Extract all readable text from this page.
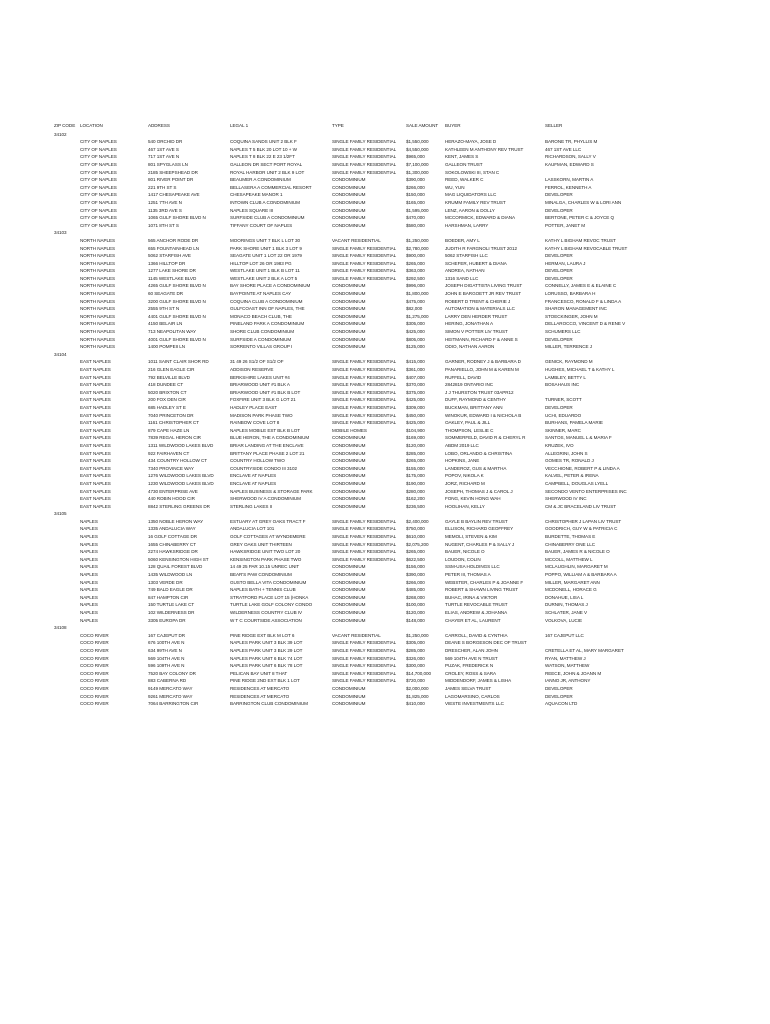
ZIP CODE	LOCATION	ADDRESS	LEGAL 1	TYPE	SALE AMOUNT	BUYER	SELLER
34102
CITY OF NAPLES	540 ORCHID DR	COQUINA SANDS UNIT 2 BLK F	SINGLE FAMILY RESIDENTIAL	$1,550,000	HERAZO-MAYA, JOSE D	BARONE TR, PHYLLIS M
CITY OF NAPLES	467 1ST AVE S	NAPLES T 5 BLK 20 LOT 10 + W	SINGLE FAMILY RESIDENTIAL	$4,550,000	KATHLEEN M ANTHONY REV TRUST	467 1ST AVE LLC
CITY OF NAPLES	717 1ST AVE N	NAPLES T 8 BLK 22 E 23 1/2FT	SINGLE FAMILY RESIDENTIAL	$965,000	KENT, JAMES S	RICHARDSON, SALLY V
CITY OF NAPLES	801 SPYGLASS LN	GALLEON DR SECT PORT ROYAL	SINGLE FAMILY RESIDENTIAL	$7,100,000	GALLEON TRUST	KAUFMAN, EDWARD S
CITY OF NAPLES	2185 SHEEPSHEAD DR	ROYAL HARBOR UNIT 2 BLK 9 LOT	SINGLE FAMILY RESIDENTIAL	$1,300,000	SOKOLOWSKI III, STAN C
CITY OF NAPLES	801 RIVER POINT DR	BEAUMER A CONDOMINIUM	CONDOMINIUM	$390,000	REED, WALKER C	LASSKORN, MARTIN A
CITY OF NAPLES	221 9TH ST S	BELLASERA A COMMERCIAL RESORT	CONDOMINIUM	$266,000	WU, YUN	FERROL, KENNETH A
CITY OF NAPLES	1417 CHESAPEAKE AVE	CHESAPEAKE MANOR 1	CONDOMINIUM	$150,000	MAG LIQUIDATORS LLC	DEVELOPER
CITY OF NAPLES	1251 7TH AVE N	INTOWN CLUB A CONDOMINIUM	CONDOMINIUM	$165,000	KRUMM FAMILY REV TRUST	MINALGA, CHARLES W & LORI ANN
CITY OF NAPLES	1135 3RD AVE S	NAPLES SQUARE III	CONDOMINIUM	$1,595,000	LENZ, AARON & DOLLY	DEVELOPER
CITY OF NAPLES	1065 GULF SHORE BLVD N	SURFSIDE CLUB A CONDOMINIUM	CONDOMINIUM	$470,000	MCCORMICK, EDWARD & DIANA	BERTONE, PETER C & JOYCE Q
CITY OF NAPLES	1071 8TH ST S	TIFFANY COURT OF NAPLES	CONDOMINIUM	$580,000	HARSHMAN, LARRY	POTTER, JANET M
34103
NORTH NAPLES	565 ANCHOR RODE DR	MOORINGS UNIT 7 BLK L LOT 30	VACANT RESIDENTIAL	$1,250,000	BOEDER, AMY L	KATHY L BIGHAM REVOC TRUST
NORTH NAPLES	655 FOUNTAINHEAD LN	PARK SHORE UNIT 1 BLK 3 LOT 9	SINGLE FAMILY RESIDENTIAL	$2,780,000	JUDITH R FARGNOLI TRUST 2012	KATHY L BIGHAM REVOCABLE TRUST
NORTH NAPLES	5062 STARFISH AVE	SEAGATE UNIT 1 LOT 22 OR 1979	SINGLE FAMILY RESIDENTIAL	$900,000	5062 STARFISH LLC	DEVELOPER
NORTH NAPLES	1366 HILLTOP DR	HILLTOP LOT 26 OR 1983 PG	SINGLE FAMILY RESIDENTIAL	$265,000	SCHEFER, HUBERT & DIANA	HERMAN, LAURA J
NORTH NAPLES	1277 LAKE SHORE DR	WESTLAKE UNIT 1 BLK B LOT 11	SINGLE FAMILY RESIDENTIAL	$363,000	ANDREA, NATHAN	DEVELOPER
NORTH NAPLES	1145 WESTLAKE BLVD	WESTLAKE UNIT 2 BLK A LOT 5	SINGLE FAMILY RESIDENTIAL	$292,500	1316 SAND LLC	DEVELOPER
NORTH NAPLES	4265 GULF SHORE BLVD N	BAY SHORE PLACE A CONDOMINIUM	CONDOMINIUM	$996,000	JOSEPH DIGATTISTA LIVING TRUST	CONNELLY, JAMES E & ELAINE C
NORTH NAPLES	60 SEAGATE DR	BAYPOINTE AT NAPLES CAY	CONDOMINIUM	$1,800,000	JOHN E BARGOETT JR REV TRUST	LORUSSO, BARBARA H
NORTH NAPLES	3200 GULF SHORE BLVD N	COQUINA CLUB A CONDOMINIUM	CONDOMINIUM	$475,000	ROBERT D TRENT & CHERIE J	FRANCESCO, RONALD F & LINDA A
NORTH NAPLES	2555 9TH ST N	GULFCOAST INN OF NAPLES, THE	CONDOMINIUM	$82,000	AUTOMATION & MATERIALS LLC	SHARON MANAGEMENT INC
NORTH NAPLES	4401 GULF SHORE BLVD N	MONACO BEACH CLUB, THE	CONDOMINIUM	$1,275,000	LARRY DEN HERDER TRUST	STOECKINGER, JOHN M
NORTH NAPLES	4150 BELAIR LN	PINELAND PARK A CONDOMINIUM	CONDOMINIUM	$305,000	HERING, JONATHAN A	DELLAROCCO, VINCENT D & RENE V
NORTH NAPLES	713 NEAPOLITAN WAY	SHORE CLUB CONDOMINIUM	CONDOMINIUM	$425,000	SIMON V POTTER LIV TRUST	SCHUMERS LLC
NORTH NAPLES	4001 GULF SHORE BLVD N	SURFSIDE A CONDOMINIUM	CONDOMINIUM	$805,000	HEITMANN, RICHARD F & ANNE S	DEVELOPER
NORTH NAPLES	1400 POMPEII LN	SORRENTO VILLAS GROUP I	CONDOMINIUM	$125,000	ODIO, NATHAN AARON	MILLER, TERRENCE J
34104
EAST NAPLES	1011 SAINT CLAIR SHOR RD	31 49 26 S1/2 OF S1/2 OF	SINGLE FAMILY RESIDENTIAL	$415,000	GARNER, RODNEY J & BARBARA D	GENICK, RAYMOND M
EAST NAPLES	216 GLEN EAGLE CIR	ADDISON RESERVE	SINGLE FAMILY RESIDENTIAL	$361,000	PANARIELLO, JOHN M & KAREN M	HUGHES, MICHAEL T & KATHY L
EAST NAPLES	792 BELVILLE BLVD	BERKSHIRE LAKES UNIT #4	SINGLE FAMILY RESIDENTIAL	$407,000	RUFFELL, DAVID	LAMBLEY, BETTY L
EAST NAPLES	418 DUNDEE CT	BRIARWOOD UNIT #1 BLK A	SINGLE FAMILY RESIDENTIAL	$370,000	2842819 ONTARIO INC	BOSAHAUS INC
EAST NAPLES	5020 BRIXTON CT	BRIARWOOD UNIT #1 BLK B LOT	SINGLE FAMILY RESIDENTIAL	$375,000	J J THURSTON TRUST 03APR12
EAST NAPLES	200 FOX DEN CIR	FOXFIRE UNIT 3 BLK G LOT 21	SINGLE FAMILY RESIDENTIAL	$425,000	DUFF, RAYMOND & CENTHY	TURNER, SCOTT
EAST NAPLES	685 HADLEY ST E	HADLEY PLACE EAST	SINGLE FAMILY RESIDENTIAL	$309,000	BUCKMAN, BRITTANY ANN	DEVELOPER
EAST NAPLES	7040 PRINCETON DR	MADISON PARK PHASE TWO	SINGLE FAMILY RESIDENTIAL	$450,000	WINOKUR, EDWARD I & NICHOLA B	UCHI, EDUARDO
EAST NAPLES	1161 CHRISTOPHER CT	RAINBOW COVE LOT 8	SINGLE FAMILY RESIDENTIAL	$425,000	OAKLEY, PAUL & JILL	BURHANS, PAMELA MARIE
EAST NAPLES	879 CAPE HAZE LN	NAPLES MOBILE EST BLK B LOT	MOBILE HOMES	$104,900	THOMPSON, LESLIE C	SKINNER, MARC
EAST NAPLES	7839 REGAL HERON CIR	BLUE HERON, THE A CONDOMINIUM	CONDOMINIUM	$169,000	SOMMERFELD, DAVID R & CHERYL R	SANTOS, MANUEL L & MARIA F
EAST NAPLES	1311 WILDWOOD LAKES BLVD	BRIAR LANDING AT THE ENCLAVE	CONDOMINIUM	$120,000	ABDM 2019 LLC	KRUZEK, IVO
EAST NAPLES	922 FAIRHAVEN CT	BRITTANY PLACE PHASE 2 LOT 21	CONDOMINIUM	$285,000	LOBO, ORLANDO & CHRISTINA	ALLEGRINI, JOHN S
EAST NAPLES	434 COUNTRY HOLLOW CT	COUNTRY HOLLOW TWO	CONDOMINIUM	$265,000	HOPKINS, JANE	GOMES TR, RONALD J
EAST NAPLES	7340 PROVINCE WAY	COUNTRYSIDE CONDO III 3102	CONDOMINIUM	$155,000	LANDEROZ, GUS & MARTHA	VECCHIONE, ROBERT P & LINDA A
EAST NAPLES	1276 WILDWOOD LAKES BLVD	ENCLAVE AT NAPLES	CONDOMINIUM	$175,000	POPOV, NIKOLA K	KALVEL, PETER & IRENA
EAST NAPLES	1230 WILDWOOD LAKES BLVD	ENCLAVE AT NAPLES	CONDOMINIUM	$190,000	JORZ, RICHARD M	CAMPBELL, DOUGLAS LYELL
EAST NAPLES	4730 ENTERPRISE AVE	NAPLES BUSINESS & STORAGE PARK	CONDOMINIUM	$280,000	JOSEPH, THOMAS J & CAROL J	SECONDO VENTO ENTERPRISES INC
EAST NAPLES	440 ROBIN HOOD CIR	SHERWOOD IV A CONDOMINIUM	CONDOMINIUM	$162,200	FONG, KEVIN HONG WAH	SHERWOOD IV INC
EAST NAPLES	8842 STERLING GREENS DR	STERLING LAKES II	CONDOMINIUM	$236,500	HOOLIHAN, KELLY	CM & JC BRACELAND LIV TRUST
34105
NAPLES	1350 NOBLE HERON WAY	ESTUARY AT GREY OAKS TRACT F	SINGLE FAMILY RESIDENTIAL	$2,400,000	GAYLE B BAYLIN REV TRUST	CHRISTOPHER J LAPAN LIV TRUST
NAPLES	1335 ANDALUCIA WAY	ANDALUCIA LOT 101	SINGLE FAMILY RESIDENTIAL	$750,000	ELLISON, RICHARD GEOFFREY	GOODRICH, GUY W & PATRICIA C
NAPLES	16 GOLF COTTAGE DR	GOLF COTTAGES AT WYNDEMERE	SINGLE FAMILY RESIDENTIAL	$610,000	MEMOLI, STEVEN & KIM	BURDETTE, THOMAS E
NAPLES	1655 CHINABERRY CT	GREY OAKS UNIT THIRTEEN	SINGLE FAMILY RESIDENTIAL	$2,075,200	NUGENT, CHARLES P & SALLY J	CHINABERRY ONE LLC
NAPLES	2274 HAWKSRIDGE DR	HAWKSRIDGE UNIT TWO LOT 20	SINGLE FAMILY RESIDENTIAL	$265,000	BAUER, NICOLE O	BAUER, JAMES R & NICOLE O
NAPLES	5060 KENSINGTON HIGH ST	KENSINGTON PARK PHASE TWO	SINGLE FAMILY RESIDENTIAL	$622,500	LOUDON, COLIN	MCCOLL, MATTHEW L
NAPLES	128 QUAIL FOREST BLVD	14 49 25 PAR 10.15 UNREC UNIT	CONDOMINIUM	$156,000	SSM-USA HOLDINGS LLC	MCLAUGHLIN, MARGARET M
NAPLES	1435 WILDWOOD LN	BEAR'S PAW CONDOMINIUM	CONDOMINIUM	$390,000	PETER III, THOMAS A	POPPO, WILLIAM A & BARBARA A
NAPLES	1303 VERDE DR	GUSTO BELLA VITA CONDOMINIUM	CONDOMINIUM	$266,000	WEBSTER, CHARLES P & JOANNE F	MILLER, MARGARET ANN
NAPLES	749 BALD EAGLE DR	NAPLES BATH + TENNIS CLUB	CONDOMINIUM	$485,000	ROBERT & SHAWN LIVING TRUST	MCDONELL, HORACE G
NAPLES	847 HAMPTON CIR	STRATFORD PLACE LOT 15 (HONKA	CONDOMINIUM	$268,000	BUHAC, IRINA & VIKTOR	DONAHUE, LISA L
NAPLES	150 TURTLE LAKE CT	TURTLE LAKE GOLF COLONY CONDO	CONDOMINIUM	$100,000	TURTLE REVOCABLE TRUST	DURNIN, THOMAS J
NAPLES	102 WILDERNESS DR	WILDERNESS COUNTRY CLUB IV	CONDOMINIUM	$120,000	ELIAS, ANDREW & JOHANNA	SCHLATER, JANE V
NAPLES	3305 EUROPA DR	W T C COURTSIDE ASSOCIATION	CONDOMINIUM	$148,000	CHAYER ET AL, LAURENT	VOLKOVA, LUCIE
34108
COCO RIVER	167 CAJEPUT DR	PINE RIDGE EXT BLK M LOT 6	VACANT RESIDENTIAL	$1,250,000	CARROLL, DAVID & CYNTHIA	167 CAJEPUT LLC
COCO RIVER	676 100TH AVE N	NAPLES PARK UNIT 3 BLK 39 LOT	SINGLE FAMILY RESIDENTIAL	$305,000	DEANE S BORGESON DEC OF TRUST
COCO RIVER	634 99TH AVE N	NAPLES PARK UNIT 3 BLK 29 LOT	SINGLE FAMILY RESIDENTIAL	$285,000	DRESCHER, ALAN JOHN	CRETELLA ET AL, MARY MARGARET
COCO RIVER	569 104TH AVE N	NAPLES PARK UNIT 6 BLK 74 LOT	SINGLE FAMILY RESIDENTIAL	$326,000	569 104TH AVE N TRUST	RYAN, MATTHEW J
COCO RIVER	596 109TH AVE N	NAPLES PARK UNIT 6 BLK 78 LOT	SINGLE FAMILY RESIDENTIAL	$300,000	PUZAK, FREDERICK N	WATSON, MATTHEW
COCO RIVER	7520 BAY COLONY DR	PELICAN BAY UNIT 8 THAT	SINGLE FAMILY RESIDENTIAL	$14,700,000	CROLEY, ROSS & SARA	REECE, JOHN & JOANN M
COCO RIVER	883 CABERNA RD	PINE RIDGE 2ND EXT BLK 1 LOT	SINGLE FAMILY RESIDENTIAL	$720,000	MIDDENDORF, JAMES & LISHA	IANNO JR, ANTHONY
COCO RIVER	9149 MERCATO WAY	RESIDENCES AT MERCATO	CONDOMINIUM	$2,000,000	JAMES SELVA TRUST	DEVELOPER
COCO RIVER	9261 MERCATO WAY	RESIDENCES AT MERCATO	CONDOMINIUM	$1,825,000	LAGOMARSINO, CARLOS	DEVELOPER
COCO RIVER	7064 BARRINGTON CIR	BARRINGTON CLUB CONDOMINIUM	CONDOMINIUM	$410,000	VIESTE INVESTMENTS LLC	AQUACON LTD
